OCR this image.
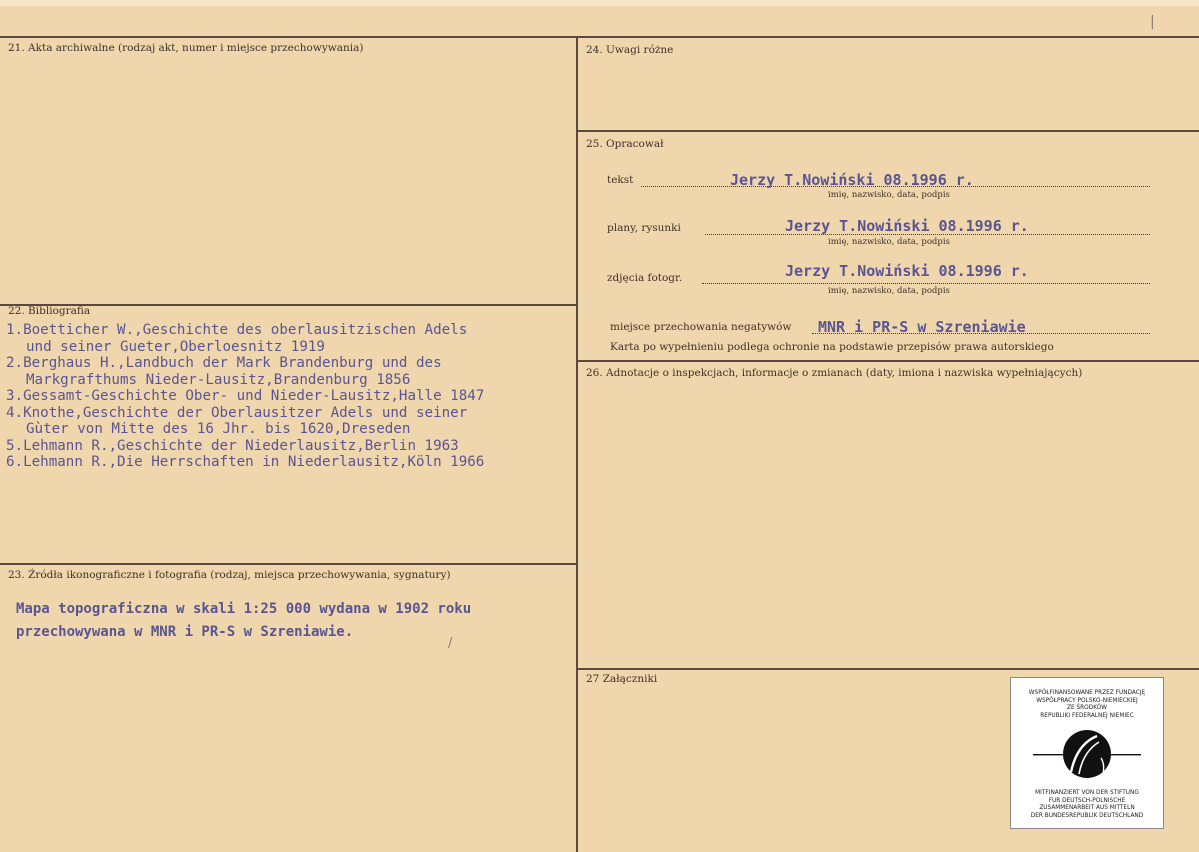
|
21. Akta archiwalne (rodzaj akt, numer i miejsce przechowywania)
22. Bibliografia
1.Boetticher W.,Geschichte des oberlausitzischen Adels
und seiner Gueter,Oberloesnitz 1919
2.Berghaus H.,Landbuch der Mark Brandenburg und des
Markgrafthums Nieder-Lausitz,Brandenburg 1856
3.Gessamt-Geschichte Ober- und Nieder-Lausitz,Halle 1847
4.Knothe,Geschichte der Oberlausitzer Adels und seiner
Gùter von Mitte des 16 Jhr. bis 1620,Dreseden
5.Lehmann R.,Geschichte der Niederlausitz,Berlin 1963
6.Lehmann R.,Die Herrschaften in Niederlausitz,Köln 1966
23. Źródła ikonograficzne i fotografia (rodzaj, miejsca przechowywania, sygnatury)
Mapa topograficzna w skali 1:25 000 wydana w 1902 roku
przechowywana w MNR i PR-S w Szreniawie.
/
24. Uwagi różne
25. Opracował
tekst	Jerzy T.Nowiński 08.1996 r.
imię, nazwisko, data, podpis
plany, rysunki	Jerzy T.Nowiński 08.1996 r.
imię, nazwisko, data, podpis
zdjęcia fotogr.	Jerzy T.Nowiński 08.1996 r.
imię, nazwisko, data, podpis
miejsce przechowania negatywów MNR i PR-S w Szreniawie
Karta po wypełnieniu podlega ochronie na podstawie przepisów prawa autorskiego
26. Adnotacje o inspekcjach, informacje o zmianach (daty, imiona i nazwiska wypełniających)
27 Załączniki
WSPÓŁFINANSOWANE PRZEZ FUNDACJĘ
WSPÓŁPRACY POLSKO-NIEMIECKIEJ
ZE ŚRODKÓW
REPUBLIKI FEDERALNEJ NIEMIEC
MITFINANZIERT VON DER STIFTUNG
FUR DEUTSCH-POLNISCHE
ZUSAMMENARBEIT AUS MITTELN
DER BUNDESREPUBLIK DEUTSCHLAND
